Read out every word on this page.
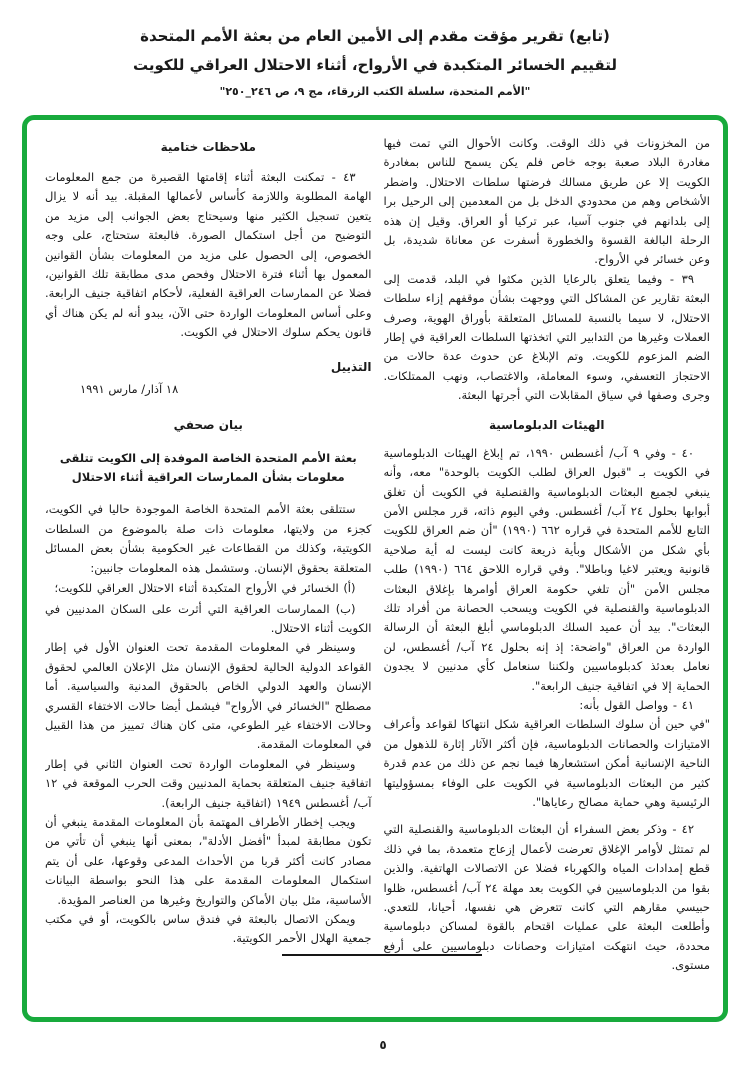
(تابع) تقرير مؤقت مقدم إلى الأمين العام من بعثة الأمم المتحدة
لتقييم الخسائر المتكبدة في الأرواح، أثناء الاحتلال العراقي للكويت
"الأمم المتحدة، سلسلة الكتب الزرقاء، مج ٩، ص ٢٤٦_٢٥٠"

من المخزونات في ذلك الوقت. وكانت الأحوال التي تمت فيها مغادرة البلاد صعبة بوجه خاص فلم يكن يسمح للناس بمغادرة الكويت إلا عن طريق مسالك فرضتها سلطات الاحتلال. واضطر الأشخاص وهم من محدودي الدخل بل من المعدمين إلى الرحيل برا إلى بلدانهم في جنوب آسيا، عبر تركيا أو العراق. وقيل إن هذه الرحلة البالغة القسوة والخطورة أسفرت عن معاناة شديدة، بل وعن خسائر في الأرواح.

٣٩ - وفيما يتعلق بالرعايا الذين مكثوا في البلد، قدمت إلى البعثة تقارير عن المشاكل التي ووجهت بشأن موقفهم إزاء سلطات الاحتلال، لا سيما بالنسبة للمسائل المتعلقة بأوراق الهوية، وصرف العملات وغيرها من التدابير التي اتخذتها السلطات العراقية في إطار الضم المزعوم للكويت. وتم الإبلاغ عن حدوث عدة حالات من الاحتجاز التعسفي، وسوء المعاملة، والاغتصاب، ونهب الممتلكات. وجرى وصفها في سياق المقابلات التي أجرتها البعثة.

الهيئات الدبلوماسية

٤٠ - وفي ٩ آب/ أغسطس ١٩٩٠، تم إبلاغ الهيئات الدبلوماسية في الكويت بـ "قبول العراق لطلب الكويت بالوحدة" معه، وأنه ينبغي لجميع البعثات الدبلوماسية والقنصلية في الكويت أن تغلق أبوابها بحلول ٢٤ آب/ أغسطس. وفي اليوم ذاته، قرر مجلس الأمن التابع للأمم المتحدة في قراره ٦٦٢ (١٩٩٠) "أن ضم العراق للكويت بأي شكل من الأشكال وبأية ذريعة كانت ليست له أية صلاحية قانونية ويعتبر لاغيا وباطلا". وفي قراره اللاحق ٦٦٤ (١٩٩٠) طلب مجلس الأمن "أن تلغي حكومة العراق أوامرها بإغلاق البعثات الدبلوماسية والقنصلية في الكويت ويسحب الحصانة من أفراد تلك البعثات". بيد أن عميد السلك الدبلوماسي أبلغ البعثة أن الرسالة الواردة من العراق "واضحة: إذ إنه بحلول ٢٤ آب/ أغسطس، لن نعامل بعدئذ كدبلوماسيين ولكننا سنعامل كأي مدنيين لا يجدون الحماية إلا في اتفاقية جنيف الرابعة".

٤١ - وواصل القول بأنه:

"في حين أن سلوك السلطات العراقية شكل انتهاكا لقواعد وأعراف الامتيازات والحصانات الدبلوماسية، فإن أكثر الآثار إثارة للذهول من الناحية الإنسانية أمكن استشعارها فيما نجم عن ذلك من عدم قدرة كثير من البعثات الدبلوماسية في الكويت على الوفاء بمسؤوليتها الرئيسية وهي حماية مصالح رعاياها".

٤٢ - وذكر بعض السفراء أن البعثات الدبلوماسية والقنصلية التي لم تمتثل لأوامر الإغلاق تعرضت لأعمال إزعاج متعمدة، بما في ذلك قطع إمدادات المياه والكهرباء فضلا عن الاتصالات الهاتفية. والذين بقوا من الدبلوماسيين في الكويت بعد مهلة ٢٤ آب/ أغسطس، ظلوا حبيسي مقارهم التي كانت تتعرض هي نفسها، أحيانا، للتعدي. وأطلعت البعثة على عمليات اقتحام بالقوة لمساكن دبلوماسية محددة، حيث انتهكت امتيازات وحصانات دبلوماسيين على أرفع مستوى.

ملاحظات ختامية

٤٣ - تمكنت البعثة أثناء إقامتها القصيرة من جمع المعلومات الهامة المطلوبة واللازمة كأساس لأعمالها المقبلة. بيد أنه لا يزال يتعين تسجيل الكثير منها وسيحتاج بعض الجوانب إلى مزيد من التوضيح من أجل استكمال الصورة. فالبعثة ستحتاج، على وجه الخصوص، إلى الحصول على مزيد من المعلومات بشأن القوانين المعمول بها أثناء فترة الاحتلال وفحص مدى مطابقة تلك القوانين، فضلا عن الممارسات العراقية الفعلية، لأحكام اتفاقية جنيف الرابعة. وعلى أساس المعلومات الواردة حتى الآن، يبدو أنه لم يكن هناك أي قانون يحكم سلوك الاحتلال في الكويت.

التذييل
١٨ آذار/ مارس ١٩٩١
بيان صحفي
بعثة الأمم المتحدة الخاصة الموفدة إلى الكويت تتلقى
معلومات بشأن الممارسات العراقية أثناء الاحتلال

ستتلقى بعثة الأمم المتحدة الخاصة الموجودة حاليا في الكويت، كجزء من ولايتها، معلومات ذات صلة بالموضوع من السلطات الكويتية، وكذلك من القطاعات غير الحكومية بشأن بعض المسائل المتعلقة بحقوق الإنسان. وستشمل هذه المعلومات جانبين:

(أ) الخسائر في الأرواح المتكبدة أثناء الاحتلال العراقي للكويت؛

(ب) الممارسات العراقية التي أثرت على السكان المدنيين في الكويت أثناء الاحتلال.

وسينظر في المعلومات المقدمة تحت العنوان الأول في إطار القواعد الدولية الحالية لحقوق الإنسان مثل الإعلان العالمي لحقوق الإنسان والعهد الدولي الخاص بالحقوق المدنية والسياسية. أما مصطلح "الخسائر في الأرواح" فيشمل أيضا حالات الاختفاء القسري وحالات الاختفاء غير الطوعي، متى كان هناك تمييز من هذا القبيل في المعلومات المقدمة.

وسينظر في المعلومات الواردة تحت العنوان الثاني في إطار اتفاقية جنيف المتعلقة بحماية المدنيين وقت الحرب الموقعة في ١٢ آب/ أغسطس ١٩٤٩ (اتفاقية جنيف الرابعة).

ويجب إخطار الأطراف المهتمة بأن المعلومات المقدمة ينبغي أن تكون مطابقة لمبدأ "أفضل الأدلة"، بمعنى أنها ينبغي أن تأتي من مصادر كانت أكثر قربا من الأحداث المدعى وقوعها، على أن يتم استكمال المعلومات المقدمة على هذا النحو بواسطة البيانات الأساسية، مثل بيان الأماكن والتواريخ وغيرها من العناصر المؤيدة.

ويمكن الاتصال بالبعثة في فندق ساس بالكويت، أو في مكتب جمعية الهلال الأحمر الكويتية.

٥
